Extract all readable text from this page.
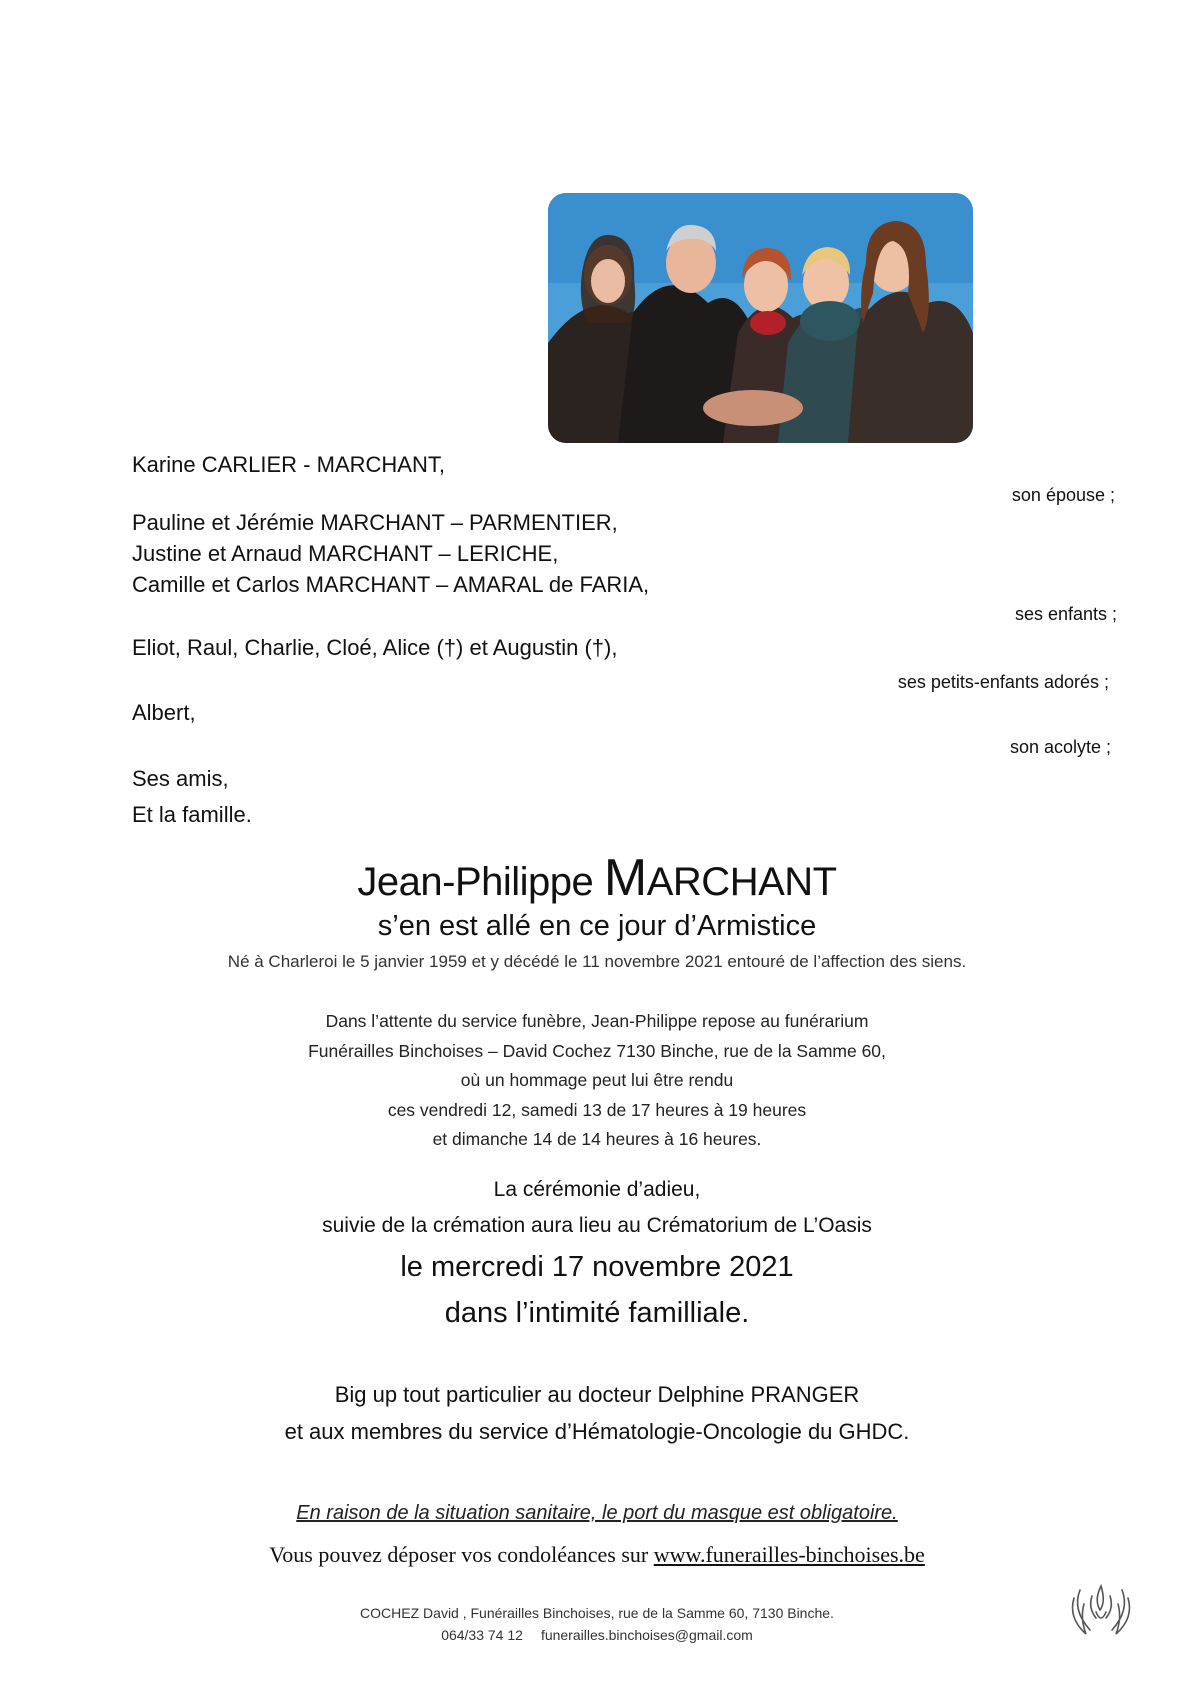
Karine CARLIER - MARCHANT,
son épouse ;
Pauline et Jérémie MARCHANT – PARMENTIER,
Justine et Arnaud MARCHANT – LERICHE,
Camille et Carlos MARCHANT – AMARAL de FARIA,
ses enfants ;
Eliot, Raul, Charlie, Cloé, Alice (†) et Augustin (†),
ses petits-enfants adorés ;
Albert,
son acolyte ;
Ses amis,
Et la famille.
Jean-Philippe MARCHANT
s’en est allé en ce jour d’Armistice
Né à Charleroi le 5 janvier 1959 et y décédé le 11 novembre 2021 entouré de l’affection des siens.
Dans l’attente du service funèbre, Jean-Philippe repose au funérarium
Funérailles Binchoises – David Cochez 7130 Binche, rue de la Samme 60,
où un hommage peut lui être rendu
ces vendredi 12, samedi 13 de 17 heures à 19 heures
et dimanche 14 de 14 heures à 16 heures.
La cérémonie d’adieu,
suivie de la crémation aura lieu au Crématorium de L’Oasis
le mercredi 17 novembre 2021
dans l’intimité familliale.
Big up tout particulier au docteur Delphine PRANGER
et aux membres du service d’Hématologie-Oncologie du GHDC.
En raison de la situation sanitaire, le port du masque est obligatoire.
Vous pouvez déposer vos condoléances sur www.funerailles-binchoises.be
COCHEZ David , Funérailles Binchoises, rue de la Samme 60, 7130 Binche.
064/33 74 12 funerailles.binchoises@gmail.com
